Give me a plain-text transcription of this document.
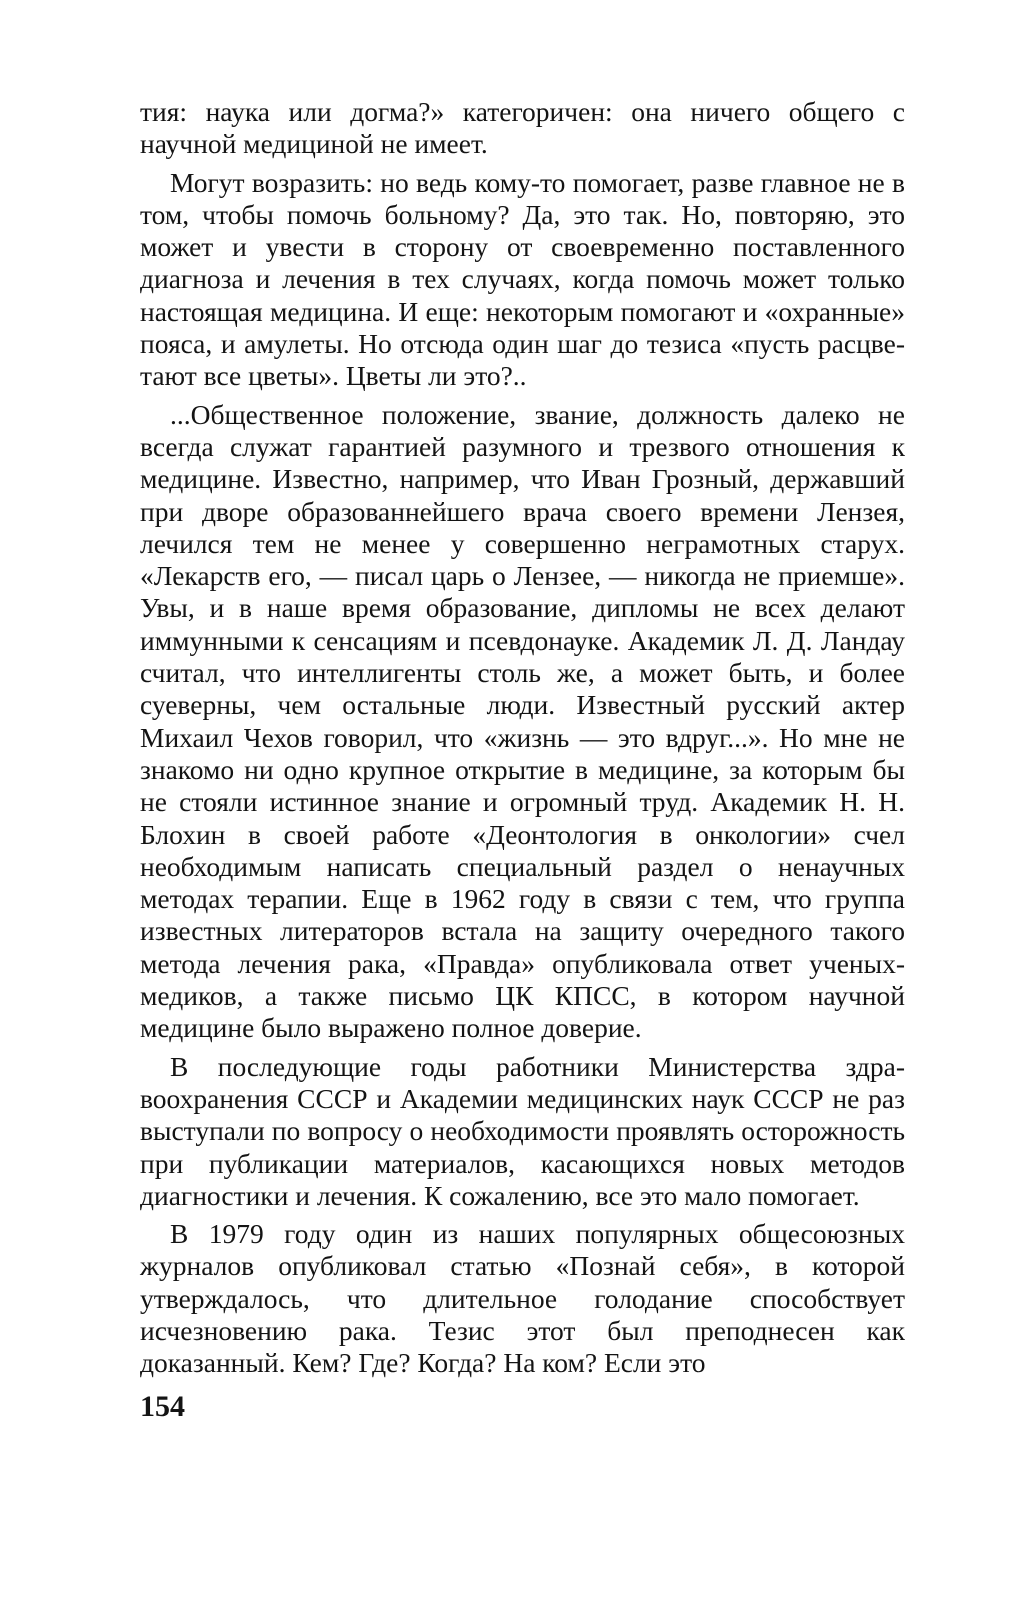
тия: наука или догма?» категоричен: она ничего общего с научной медициной не имеет.

Могут возразить: но ведь кому-то помогает, разве главное не в том, чтобы помочь больному? Да, это так. Но, повторяю, это может и увести в сторону от своевременно поставленного диагноза и лечения в тех случаях, когда помочь может только настоящая медицина. И еще: некоторым помогают и «охранные» пояса, и амулеты. Но отсюда один шаг до тезиса «пусть расцветают все цветы». Цветы ли это?..

...Общественное положение, звание, должность далеко не всегда служат гарантией разумного и трезвого отношения к медицине. Известно, например, что Иван Грозный, державший при дворе образованнейшего врача своего времени Лензея, лечился тем не менее у совершенно неграмотных старух. «Лекарств его, — писал царь о Лензее, — никогда не приемше». Увы, и в наше время образование, дипломы не всех делают иммунными к сенсациям и псевдонауке. Академик Л. Д. Ландау считал, что интеллигенты столь же, а может быть, и более суеверны, чем остальные люди. Известный русский актер Михаил Чехов говорил, что «жизнь — это вдруг...». Но мне не знакомо ни одно крупное открытие в медицине, за которым бы не стояли истинное знание и огромный труд. Академик Н. Н. Блохин в своей работе «Деонтология в онкологии» счел необходимым написать специальный раздел о ненаучных методах терапии. Еще в 1962 году в связи с тем, что группа известных литераторов встала на защиту очередного такого метода лечения рака, «Правда» опубликовала ответ ученых-медиков, а также письмо ЦК КПСС, в котором научной медицине было выражено полное доверие.

В последующие годы работники Министерства здравоохранения СССР и Академии медицинских наук СССР не раз выступали по вопросу о необходимости проявлять осторожность при публикации материалов, касающихся новых методов диагностики и лечения. К сожалению, все это мало помогает.

В 1979 году один из наших популярных общесоюзных журналов опубликовал статью «Познай себя», в которой утверждалось, что длительное голодание способствует исчезновению рака. Тезис этот был преподнесен как доказанный. Кем? Где? Когда? На ком? Если это

154
